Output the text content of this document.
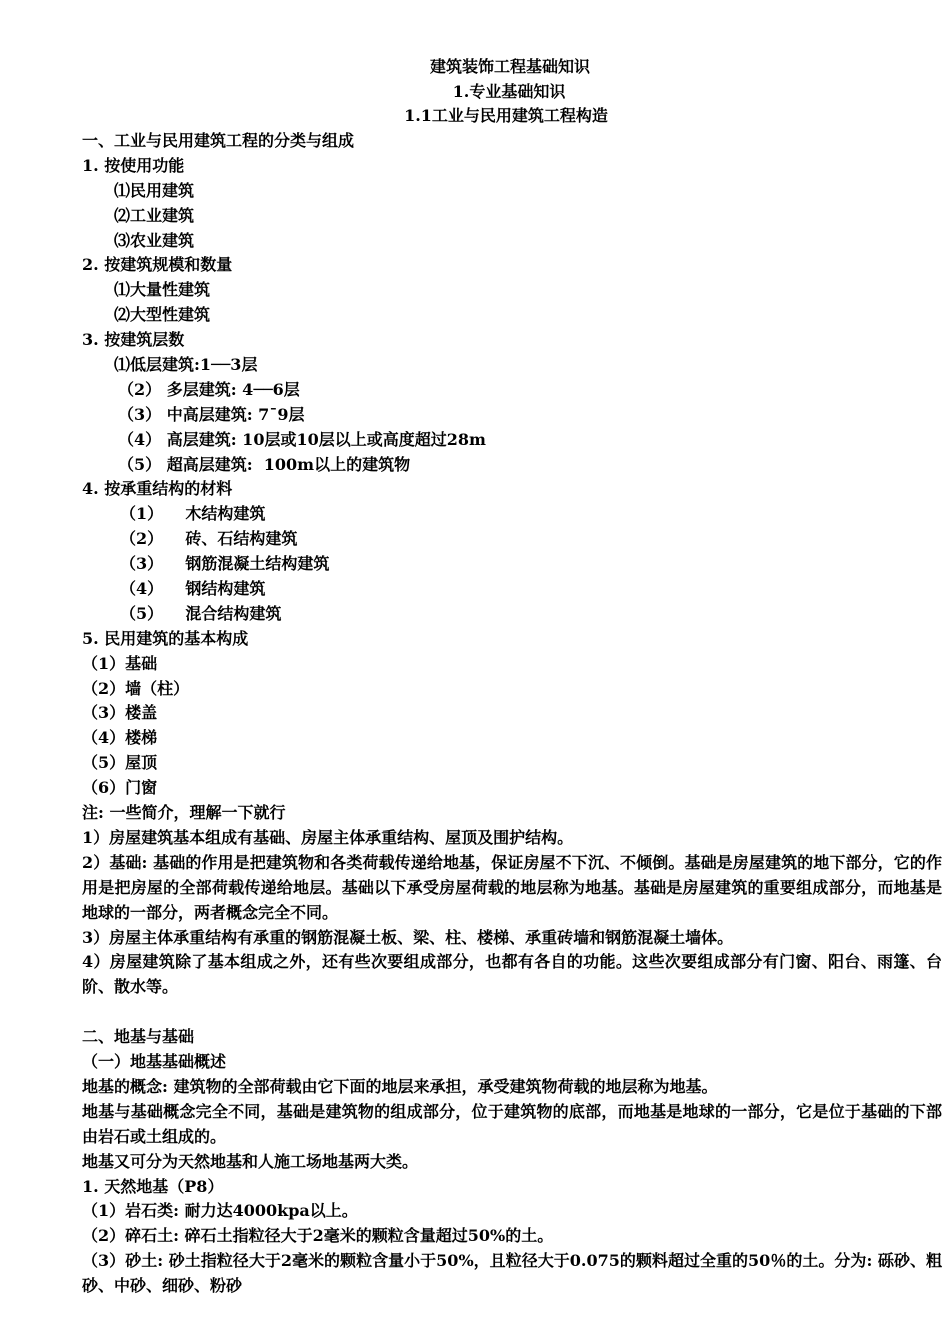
建筑装饰工程基础知识
1.专业基础知识
1.1工业与民用建筑工程构造
一、工业与民用建筑工程的分类与组成
1. 按使用功能
⑴民用建筑
⑵工业建筑
⑶农业建筑
2. 按建筑规模和数量
⑴大量性建筑
⑵大型性建筑
3. 按建筑层数
⑴低层建筑:1──3层
（2） 多层建筑: 4──6层
（3） 中高层建筑: 7¯9层
（4） 高层建筑: 10层或10层以上或高度超过28m
（5） 超高层建筑:  100m以上的建筑物
4. 按承重结构的材料
（1）    木结构建筑
（2）    砖、石结构建筑
（3）    钢筋混凝土结构建筑
（4）    钢结构建筑
（5）    混合结构建筑
5. 民用建筑的基本构成
（1）基础
（2）墙（柱）
（3）楼盖
（4）楼梯
（5）屋顶
（6）门窗
注: 一些简介，理解一下就行
1）房屋建筑基本组成有基础、房屋主体承重结构、屋顶及围护结构。
2）基础: 基础的作用是把建筑物和各类荷载传递给地基，保证房屋不下沉、不倾倒。基础是房屋建筑的地下部分，它的作用是把房屋的全部荷载传递给地层。基础以下承受房屋荷载的地层称为地基。基础是房屋建筑的重要组成部分，而地基是地球的一部分，两者概念完全不同。
3）房屋主体承重结构有承重的钢筋混凝土板、梁、柱、楼梯、承重砖墙和钢筋混凝土墙体。
4）房屋建筑除了基本组成之外，还有些次要组成部分，也都有各自的功能。这些次要组成部分有门窗、阳台、雨篷、台阶、散水等。
二、地基与基础
（一）地基基础概述
地基的概念: 建筑物的全部荷载由它下面的地层来承担，承受建筑物荷载的地层称为地基。
地基与基础概念完全不同，基础是建筑物的组成部分，位于建筑物的底部，而地基是地球的一部分，它是位于基础的下部由岩石或土组成的。
地基又可分为天然地基和人施工场地基两大类。
1. 天然地基（P8）
（1）岩石类: 耐力达4000kpa以上。
（2）碎石土: 碎石土指粒径大于2毫米的颗粒含量超过50%的土。
（3）砂土: 砂土指粒径大于2毫米的颗粒含量小于50%，且粒径大于0.075的颗料超过全重的50％的土。分为: 砾砂、粗砂、中砂、细砂、粉砂
